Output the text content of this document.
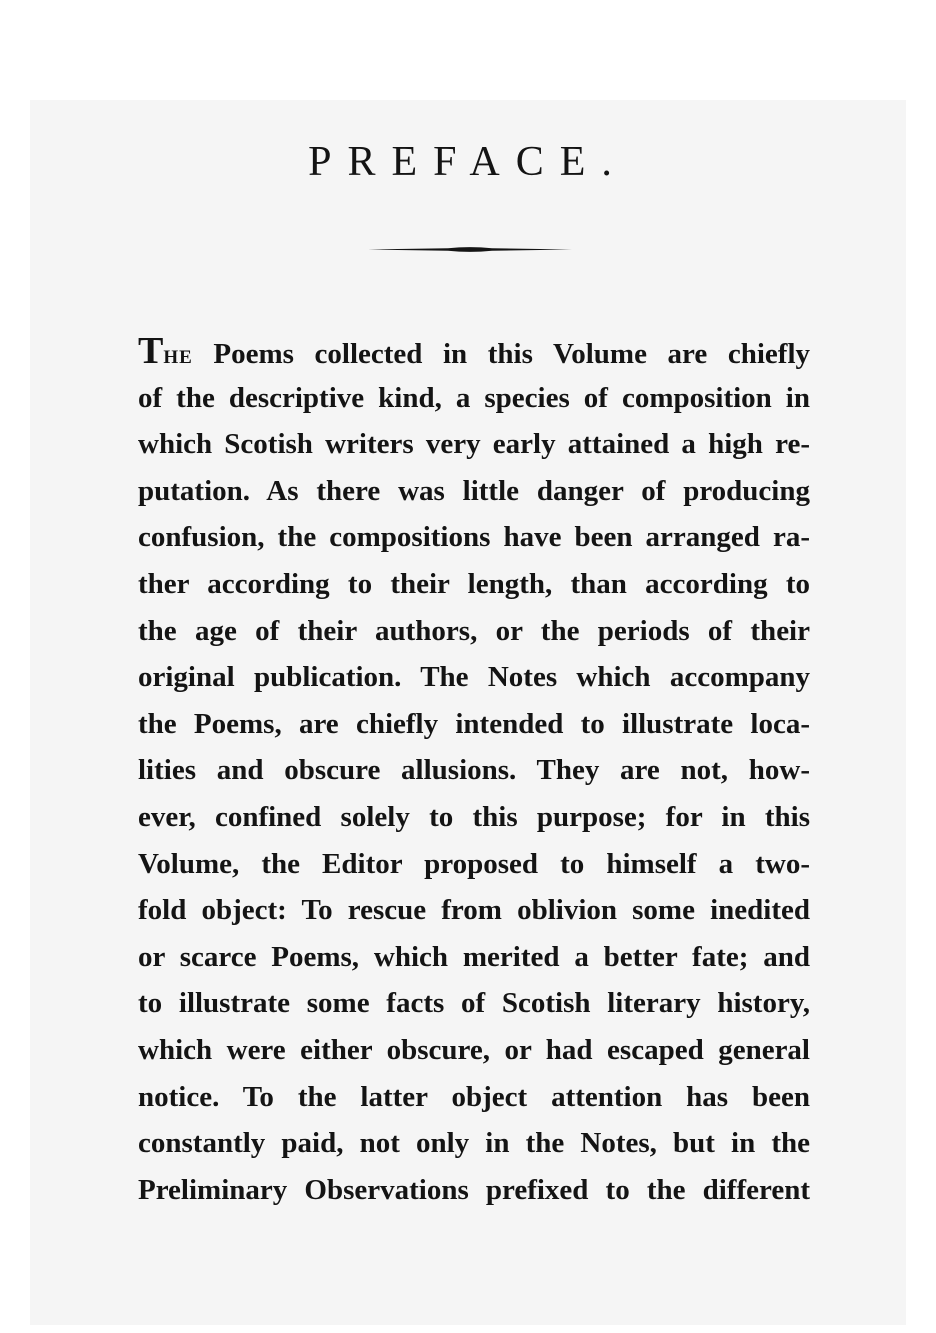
PREFACE.
THE Poems collected in this Volume are chiefly
of the descriptive kind, a species of composition in
which Scotish writers very early attained a high re-
putation. As there was little danger of producing
confusion, the compositions have been arranged ra-
ther according to their length, than according to
the age of their authors, or the periods of their
original publication. The Notes which accompany
the Poems, are chiefly intended to illustrate loca-
lities and obscure allusions. They are not, how-
ever, confined solely to this purpose; for in this
Volume, the Editor proposed to himself a two-
fold object: To rescue from oblivion some inedited
or scarce Poems, which merited a better fate; and
to illustrate some facts of Scotish literary history,
which were either obscure, or had escaped general
notice. To the latter object attention has been
constantly paid, not only in the Notes, but in the
Preliminary Observations prefixed to the different
